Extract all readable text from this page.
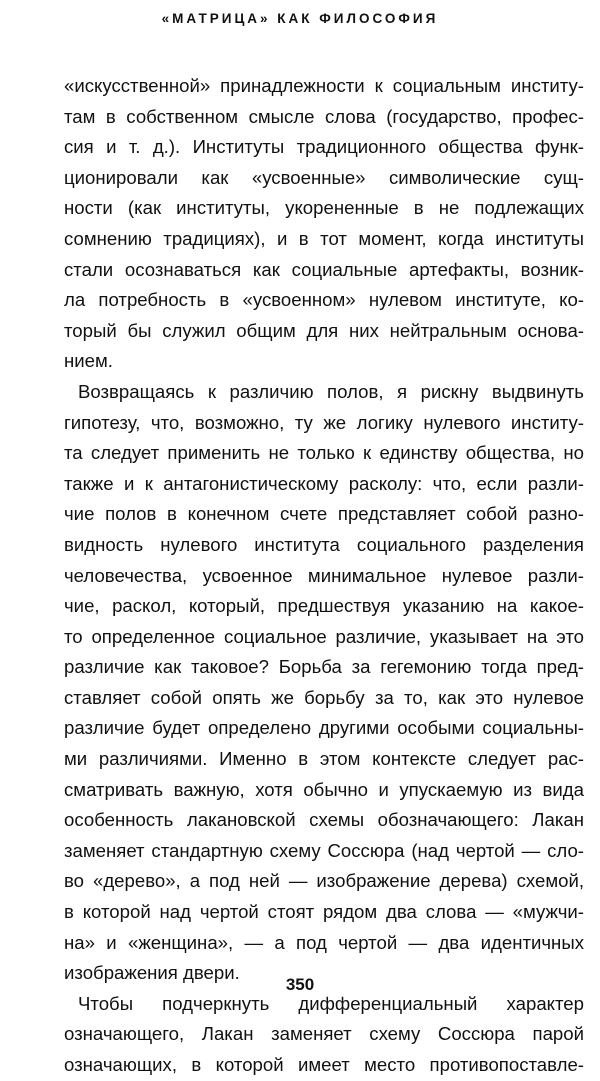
«МАТРИЦА» КАК ФИЛОСОФИЯ
«искусственной» принадлежности к социальным институ-
там в собственном смысле слова (государство, профес-
сия и т. д.). Институты традиционного общества функ-
ционировали как «усвоенные» символические сущ-
ности (как институты, укорененные в не подлежащих
сомнению традициях), и в тот момент, когда институты
стали осознаваться как социальные артефакты, возник-
ла потребность в «усвоенном» нулевом институте, ко-
торый бы служил общим для них нейтральным основа-
нием.
Возвращаясь к различию полов, я рискну выдвинуть
гипотезу, что, возможно, ту же логику нулевого институ-
та следует применить не только к единству общества, но
также и к антагонистическому расколу: что, если разли-
чие полов в конечном счете представляет собой разно-
видность нулевого института социального разделения
человечества, усвоенное минимальное нулевое разли-
чие, раскол, который, предшествуя указанию на какое-
то определенное социальное различие, указывает на это
различие как таковое? Борьба за гегемонию тогда пред-
ставляет собой опять же борьбу за то, как это нулевое
различие будет определено другими особыми социальны-
ми различиями. Именно в этом контексте следует рас-
сматривать важную, хотя обычно и упускаемую из вида
особенность лакановской схемы обозначающего: Лакан
заменяет стандартную схему Соссюра (над чертой — сло-
во «дерево», а под ней — изображение дерева) схемой,
в которой над чертой стоят рядом два слова — «мужчи-
на» и «женщина», — а под чертой — два идентичных
изображения двери.
Чтобы подчеркнуть дифференциальный характер
означающего, Лакан заменяет схему Соссюра парой
означающих, в которой имеет место противопоставле-
350
